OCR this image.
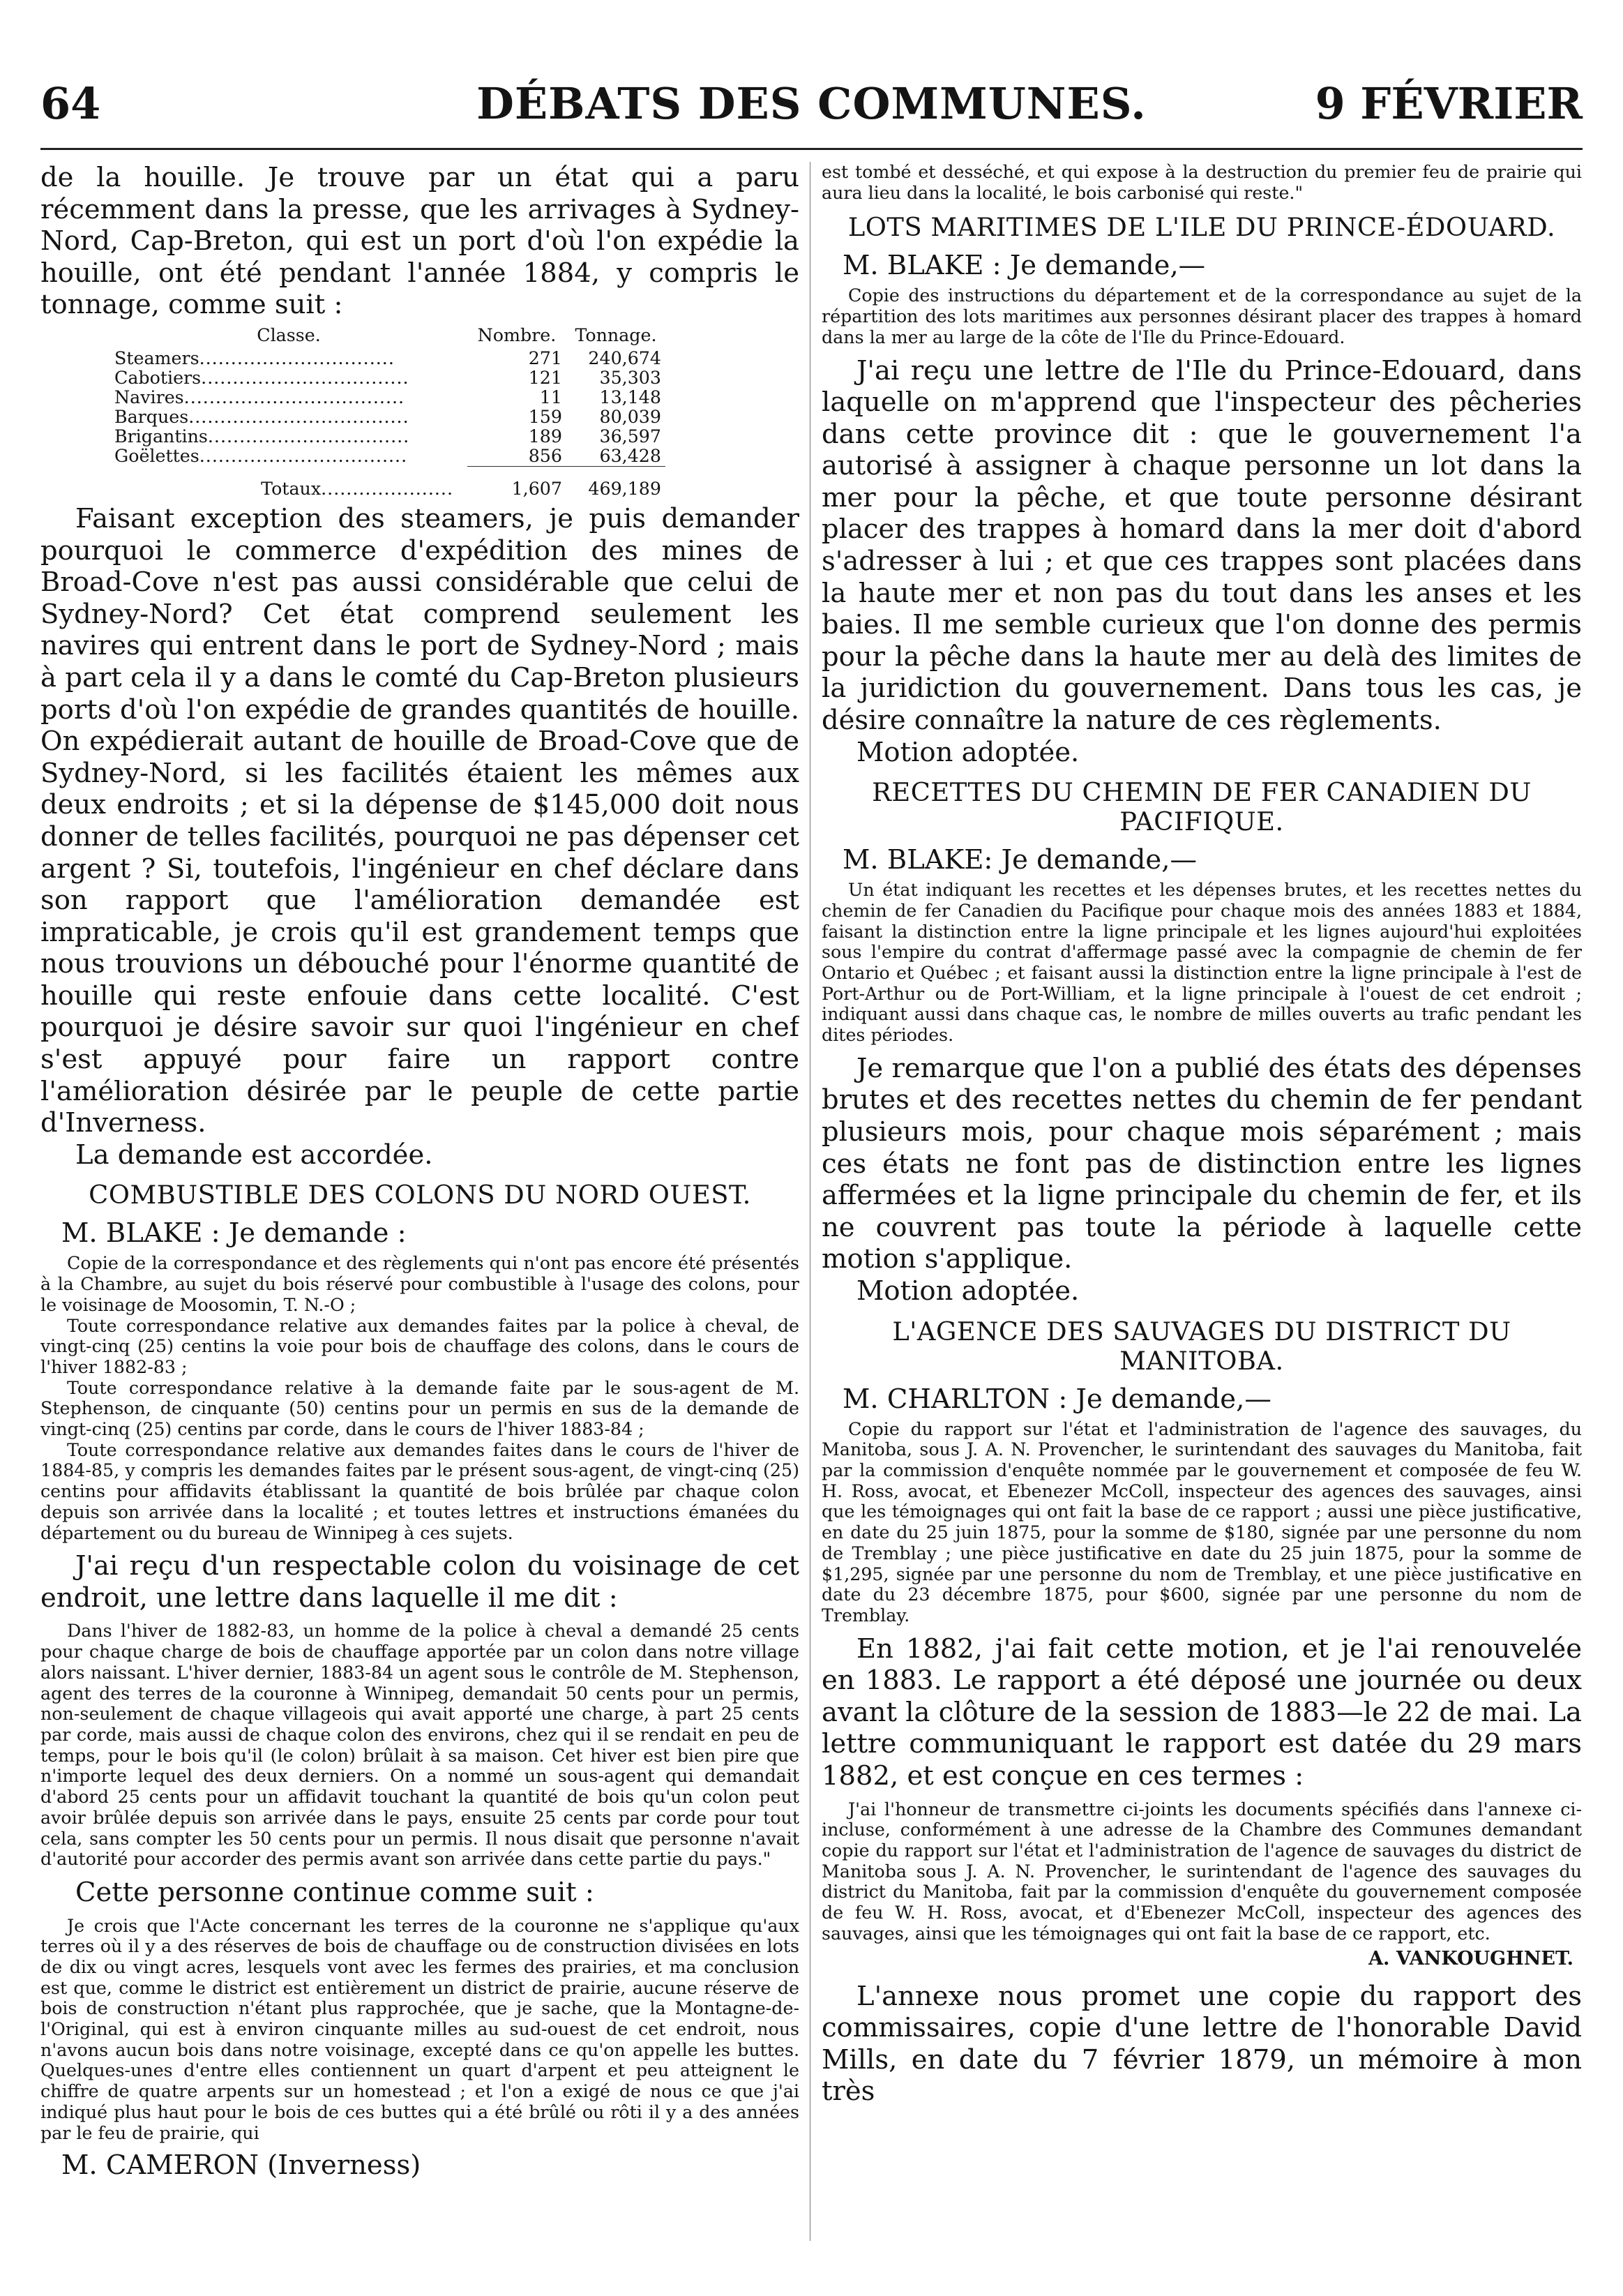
64	DÉBATS DES COMMUNES.	9 FÉVRIER

de la houille. Je trouve par un état qui a paru récemment dans la presse, que les arrivages à Sydney-Nord, Cap-Breton, qui est un port d'où l'on expédie la houille, ont été pendant l'année 1884, y compris le tonnage, comme suit :

Classe.	Nombre.	Tonnage.
Steamers...............................	271	240,674
Cabotiers.................................	121	35,303
Navires...................................	11	13,148
Barques...................................	159	80,039
Brigantins................................	189	36,597
Goëlettes.................................	856	63,428

Totaux.....................	1,607	469,189

Faisant exception des steamers, je puis demander pourquoi le commerce d'expédition des mines de Broad-Cove n'est pas aussi considérable que celui de Sydney-Nord? Cet état comprend seulement les navires qui entrent dans le port de Sydney-Nord ; mais à part cela il y a dans le comté du Cap-Breton plusieurs ports d'où l'on expédie de grandes quantités de houille. On expédierait autant de houille de Broad-Cove que de Sydney-Nord, si les facilités étaient les mêmes aux deux endroits ; et si la dépense de $145,000 doit nous donner de telles facilités, pourquoi ne pas dépenser cet argent ? Si, toutefois, l'ingénieur en chef déclare dans son rapport que l'amélioration demandée est impraticable, je crois qu'il est grandement temps que nous trouvions un débouché pour l'énorme quantité de houille qui reste enfouie dans cette localité. C'est pourquoi je désire savoir sur quoi l'ingénieur en chef s'est appuyé pour faire un rapport contre l'amélioration désirée par le peuple de cette partie d'Inverness.

La demande est accordée.

COMBUSTIBLE DES COLONS DU NORD OUEST.
M. BLAKE : Je demande :

Copie de la correspondance et des règlements qui n'ont pas encore été présentés à la Chambre, au sujet du bois réservé pour combustible à l'usage des colons, pour le voisinage de Moosomin, T. N.-O ;

Toute correspondance relative aux demandes faites par la police à cheval, de vingt-cinq (25) centins la voie pour bois de chauffage des colons, dans le cours de l'hiver 1882-83 ;

Toute correspondance relative à la demande faite par le sous-agent de M. Stephenson, de cinquante (50) centins pour un permis en sus de la demande de vingt-cinq (25) centins par corde, dans le cours de l'hiver 1883-84 ;

Toute correspondance relative aux demandes faites dans le cours de l'hiver de 1884-85, y compris les demandes faites par le présent sous-agent, de vingt-cinq (25) centins pour affidavits établissant la quantité de bois brûlée par chaque colon depuis son arrivée dans la localité ; et toutes lettres et instructions émanées du département ou du bureau de Winnipeg à ces sujets.

J'ai reçu d'un respectable colon du voisinage de cet endroit, une lettre dans laquelle il me dit :

Dans l'hiver de 1882-83, un homme de la police à cheval a demandé 25 cents pour chaque charge de bois de chauffage apportée par un colon dans notre village alors naissant. L'hiver dernier, 1883-84 un agent sous le contrôle de M. Stephenson, agent des terres de la couronne à Winnipeg, demandait 50 cents pour un permis, non-seulement de chaque villageois qui avait apporté une charge, à part 25 cents par corde, mais aussi de chaque colon des environs, chez qui il se rendait en peu de temps, pour le bois qu'il (le colon) brûlait à sa maison. Cet hiver est bien pire que n'importe lequel des deux derniers. On a nommé un sous-agent qui demandait d'abord 25 cents pour un affidavit touchant la quantité de bois qu'un colon peut avoir brûlée depuis son arrivée dans le pays, ensuite 25 cents par corde pour tout cela, sans compter les 50 cents pour un permis. Il nous disait que personne n'avait d'autorité pour accorder des permis avant son arrivée dans cette partie du pays."

Cette personne continue comme suit :

Je crois que l'Acte concernant les terres de la couronne ne s'applique qu'aux terres où il y a des réserves de bois de chauffage ou de construction divisées en lots de dix ou vingt acres, lesquels vont avec les fermes des prairies, et ma conclusion est que, comme le district est entièrement un district de prairie, aucune réserve de bois de construction n'étant plus rapprochée, que je sache, que la Montagne-de-l'Original, qui est à environ cinquante milles au sud-ouest de cet endroit, nous n'avons aucun bois dans notre voisinage, excepté dans ce qu'on appelle les buttes. Quelques-unes d'entre elles contiennent un quart d'arpent et peu atteignent le chiffre de quatre arpents sur un homestead ; et l'on a exigé de nous ce que j'ai indiqué plus haut pour le bois de ces buttes qui a été brûlé ou rôti il y a des années par le feu de prairie, qui

M. CAMERON (Inverness)

est tombé et desséché, et qui expose à la destruction du premier feu de prairie qui aura lieu dans la localité, le bois carbonisé qui reste."

LOTS MARITIMES DE L'ILE DU PRINCE-ÉDOUARD.
M. BLAKE : Je demande,—

Copie des instructions du département et de la correspondance au sujet de la répartition des lots maritimes aux personnes désirant placer des trappes à homard dans la mer au large de la côte de l'Ile du Prince-Edouard.

J'ai reçu une lettre de l'Ile du Prince-Edouard, dans laquelle on m'apprend que l'inspecteur des pêcheries dans cette province dit : que le gouvernement l'a autorisé à assigner à chaque personne un lot dans la mer pour la pêche, et que toute personne désirant placer des trappes à homard dans la mer doit d'abord s'adresser à lui ; et que ces trappes sont placées dans la haute mer et non pas du tout dans les anses et les baies. Il me semble curieux que l'on donne des permis pour la pêche dans la haute mer au delà des limites de la juridiction du gouvernement. Dans tous les cas, je désire connaître la nature de ces règlements.

Motion adoptée.

RECETTES DU CHEMIN DE FER CANADIEN DU PACIFIQUE.
M. BLAKE: Je demande,—

Un état indiquant les recettes et les dépenses brutes, et les recettes nettes du chemin de fer Canadien du Pacifique pour chaque mois des années 1883 et 1884, faisant la distinction entre la ligne principale et les lignes aujourd'hui exploitées sous l'empire du contrat d'affermage passé avec la compagnie de chemin de fer Ontario et Québec ; et faisant aussi la distinction entre la ligne principale à l'est de Port-Arthur ou de Port-William, et la ligne principale à l'ouest de cet endroit ; indiquant aussi dans chaque cas, le nombre de milles ouverts au trafic pendant les dites périodes.

Je remarque que l'on a publié des états des dépenses brutes et des recettes nettes du chemin de fer pendant plusieurs mois, pour chaque mois séparément ; mais ces états ne font pas de distinction entre les lignes affermées et la ligne principale du chemin de fer, et ils ne couvrent pas toute la période à laquelle cette motion s'applique.

Motion adoptée.

L'AGENCE DES SAUVAGES DU DISTRICT DU MANITOBA.
M. CHARLTON : Je demande,—

Copie du rapport sur l'état et l'administration de l'agence des sauvages, du Manitoba, sous J. A. N. Provencher, le surintendant des sauvages du Manitoba, fait par la commission d'enquête nommée par le gouvernement et composée de feu W. H. Ross, avocat, et Ebenezer McColl, inspecteur des agences des sauvages, ainsi que les témoignages qui ont fait la base de ce rapport ; aussi une pièce justificative, en date du 25 juin 1875, pour la somme de $180, signée par une personne du nom de Tremblay ; une pièce justificative en date du 25 juin 1875, pour la somme de $1,295, signée par une personne du nom de Tremblay, et une pièce justificative en date du 23 décembre 1875, pour $600, signée par une personne du nom de Tremblay.

En 1882, j'ai fait cette motion, et je l'ai renouvelée en 1883. Le rapport a été déposé une journée ou deux avant la clôture de la session de 1883—le 22 de mai. La lettre communiquant le rapport est datée du 29 mars 1882, et est conçue en ces termes :

J'ai l'honneur de transmettre ci-joints les documents spécifiés dans l'annexe ci-incluse, conformément à une adresse de la Chambre des Communes demandant copie du rapport sur l'état et l'administration de l'agence de sauvages du district de Manitoba sous J. A. N. Provencher, le surintendant de l'agence des sauvages du district du Manitoba, fait par la commission d'enquête du gouvernement composée de feu W. H. Ross, avocat, et d'Ebenezer McColl, inspecteur des agences des sauvages, ainsi que les témoignages qui ont fait la base de ce rapport, etc.

A. VANKOUGHNET.

L'annexe nous promet une copie du rapport des commissaires, copie d'une lettre de l'honorable David Mills, en date du 7 février 1879, un mémoire à mon très
